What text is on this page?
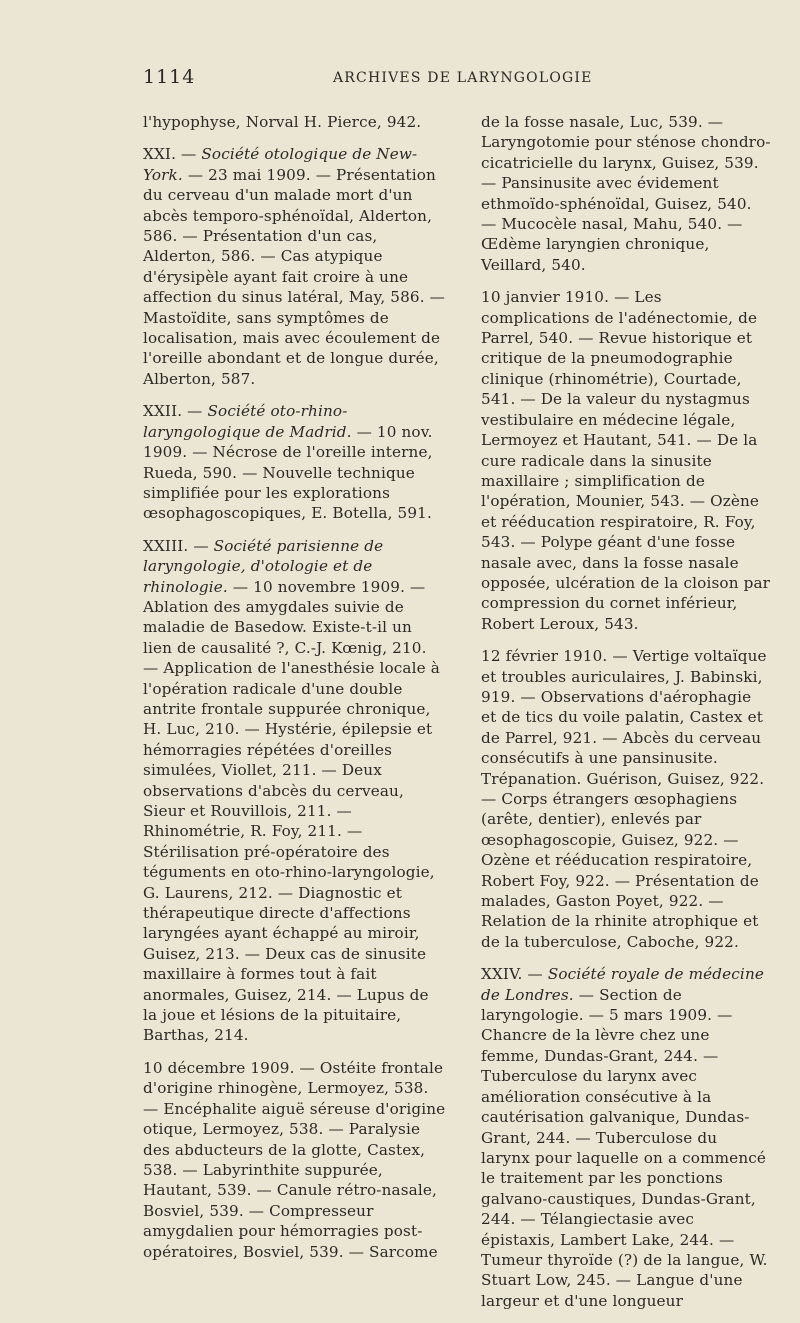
1114	ARCHIVES DE LARYNGOLOGIE

l'hypophyse, Norval H. Pierce, 942.

XXI. — Société otologique de New-York. — 23 mai 1909. — Présentation du cerveau d'un malade mort d'un abcès temporo-sphénoïdal, Alderton, 586. — Présentation d'un cas, Alderton, 586. — Cas atypique d'érysipèle ayant fait croire à une affection du sinus latéral, May, 586. — Mastoïdite, sans symptômes de localisation, mais avec écoulement de l'oreille abondant et de longue durée, Alberton, 587.

XXII. — Société oto-rhino-laryngologique de Madrid. — 10 nov. 1909. — Nécrose de l'oreille interne, Rueda, 590. — Nouvelle technique simplifiée pour les explorations œsophagoscopiques, E. Botella, 591.

XXIII. — Société parisienne de laryngologie, d'otologie et de rhinologie. — 10 novembre 1909. — Ablation des amygdales suivie de maladie de Basedow. Existe-t-il un lien de causalité ?, C.-J. Kœnig, 210. — Application de l'anesthésie locale à l'opération radicale d'une double antrite frontale suppurée chronique, H. Luc, 210. — Hystérie, épilepsie et hémorragies répétées d'oreilles simulées, Viollet, 211. — Deux observations d'abcès du cerveau, Sieur et Rouvillois, 211. — Rhinométrie, R. Foy, 211. — Stérilisation pré-opératoire des téguments en oto-rhino-laryngologie, G. Laurens, 212. — Diagnostic et thérapeutique directe d'affections laryngées ayant échappé au miroir, Guisez, 213. — Deux cas de sinusite maxillaire à formes tout à fait anormales, Guisez, 214. — Lupus de la joue et lésions de la pituitaire, Barthas, 214.

10 décembre 1909. — Ostéite frontale d'origine rhinogène, Lermoyez, 538. — Encéphalite aiguë séreuse d'origine otique, Lermoyez, 538. — Paralysie des abducteurs de la glotte, Castex, 538. — Labyrinthite suppurée, Hautant, 539. — Canule rétro-nasale, Bosviel, 539. — Compresseur amygdalien pour hémorragies post-opératoires, Bosviel, 539. — Sarcome

de la fosse nasale, Luc, 539. — Laryngotomie pour sténose chondro-cicatricielle du larynx, Guisez, 539. — Pansinusite avec évidement ethmoïdo-sphénoïdal, Guisez, 540. — Mucocèle nasal, Mahu, 540. — Œdème laryngien chronique, Veillard, 540.

10 janvier 1910. — Les complications de l'adénectomie, de Parrel, 540. — Revue historique et critique de la pneumodographie clinique (rhinométrie), Courtade, 541. — De la valeur du nystagmus vestibulaire en médecine légale, Lermoyez et Hautant, 541. — De la cure radicale dans la sinusite maxillaire ; simplification de l'opération, Mounier, 543. — Ozène et rééducation respiratoire, R. Foy, 543. — Polype géant d'une fosse nasale avec, dans la fosse nasale opposée, ulcération de la cloison par compression du cornet inférieur, Robert Leroux, 543.

12 février 1910. — Vertige voltaïque et troubles auriculaires, J. Babinski, 919. — Observations d'aérophagie et de tics du voile palatin, Castex et de Parrel, 921. — Abcès du cerveau consécutifs à une pansinusite. Trépanation. Guérison, Guisez, 922. — Corps étrangers œsophagiens (arête, dentier), enlevés par œsophagoscopie, Guisez, 922. — Ozène et rééducation respiratoire, Robert Foy, 922. — Présentation de malades, Gaston Poyet, 922. — Relation de la rhinite atrophique et de la tuberculose, Caboche, 922.

XXIV. — Société royale de médecine de Londres. — Section de laryngologie. — 5 mars 1909. — Chancre de la lèvre chez une femme, Dundas-Grant, 244. — Tuberculose du larynx avec amélioration consécutive à la cautérisation galvanique, Dundas-Grant, 244. — Tuberculose du larynx pour laquelle on a commencé le traitement par les ponctions galvano-caustiques, Dundas-Grant, 244. — Télangiectasie avec épistaxis, Lambert Lake, 244. — Tumeur thyroïde (?) de la langue, W. Stuart Low, 245. — Langue d'une largeur et d'une longueur
